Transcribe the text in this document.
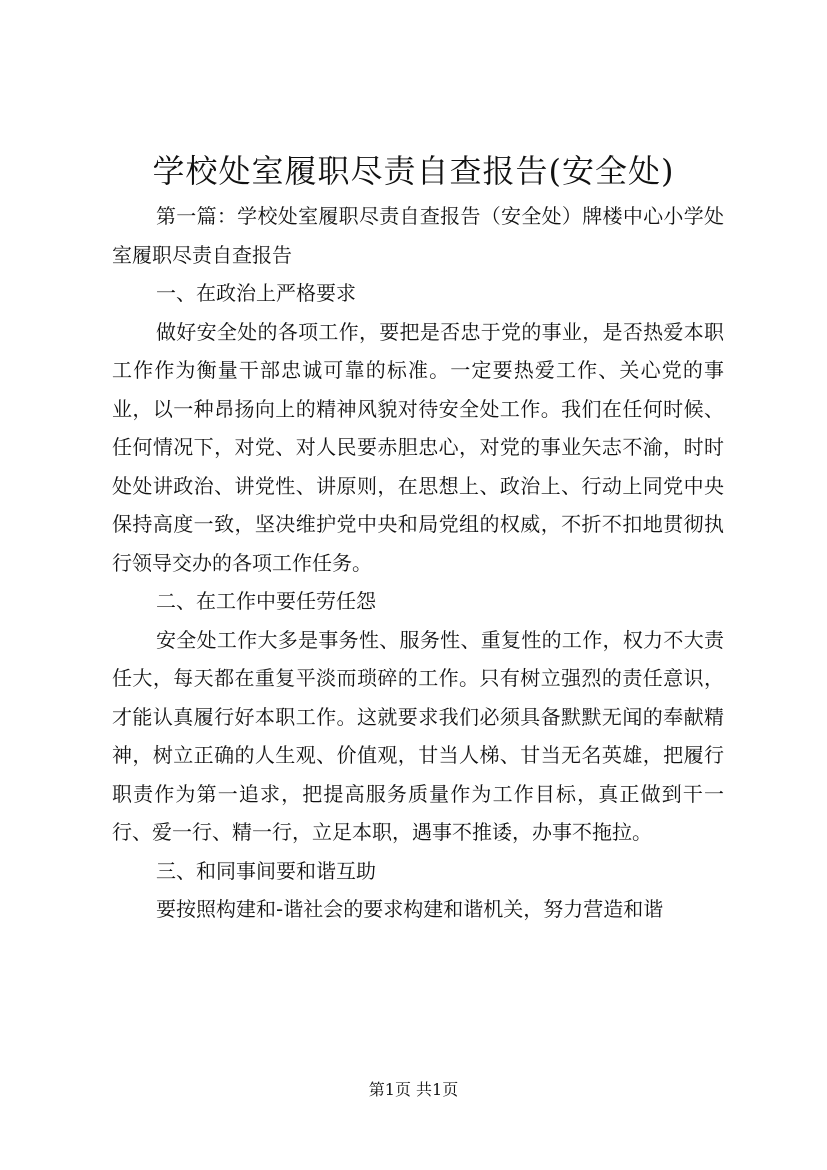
学校处室履职尽责自查报告(安全处)

第一篇：学校处室履职尽责自查报告（安全处）牌楼中心小学处室履职尽责自查报告

一、在政治上严格要求

做好安全处的各项工作，要把是否忠于党的事业，是否热爱本职工作作为衡量干部忠诚可靠的标准。一定要热爱工作、关心党的事业，以一种昂扬向上的精神风貌对待安全处工作。我们在任何时候、任何情况下，对党、对人民要赤胆忠心，对党的事业矢志不渝，时时处处讲政治、讲党性、讲原则，在思想上、政治上、行动上同党中央保持高度一致，坚决维护党中央和局党组的权威，不折不扣地贯彻执行领导交办的各项工作任务。

二、在工作中要任劳任怨

安全处工作大多是事务性、服务性、重复性的工作，权力不大责任大，每天都在重复平淡而琐碎的工作。只有树立强烈的责任意识，才能认真履行好本职工作。这就要求我们必须具备默默无闻的奉献精神，树立正确的人生观、价值观，甘当人梯、甘当无名英雄，把履行职责作为第一追求，把提高服务质量作为工作目标，真正做到干一行、爱一行、精一行，立足本职，遇事不推诿，办事不拖拉。

三、和同事间要和谐互助

要按照构建和-谐社会的要求构建和谐机关，努力营造和谐

第1页 共1页
